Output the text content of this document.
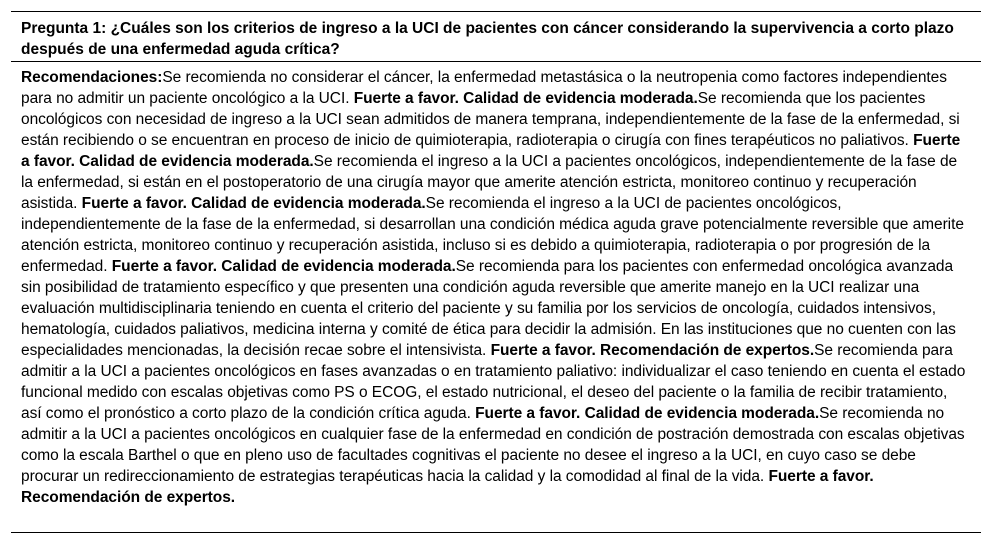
Pregunta 1: ¿Cuáles son los criterios de ingreso a la UCI de pacientes con cáncer considerando la supervivencia a corto plazo después de una enfermedad aguda crítica?

Recomendaciones:Se recomienda no considerar el cáncer, la enfermedad metastásica o la neutropenia como factores independientes para no admitir un paciente oncológico a la UCI. Fuerte a favor. Calidad de evidencia moderada.Se recomienda que los pacientes oncológicos con necesidad de ingreso a la UCI sean admitidos de manera temprana, independientemente de la fase de la enfermedad, si están recibiendo o se encuentran en proceso de inicio de quimioterapia, radioterapia o cirugía con fines terapéuticos no paliativos. Fuerte a favor. Calidad de evidencia moderada.Se recomienda el ingreso a la UCI a pacientes oncológicos, independientemente de la fase de la enfermedad, si están en el postoperatorio de una cirugía mayor que amerite atención estricta, monitoreo continuo y recuperación asistida. Fuerte a favor. Calidad de evidencia moderada.Se recomienda el ingreso a la UCI de pacientes oncológicos, independientemente de la fase de la enfermedad, si desarrollan una condición médica aguda grave potencialmente reversible que amerite atención estricta, monitoreo continuo y recuperación asistida, incluso si es debido a quimioterapia, radioterapia o por progresión de la enfermedad. Fuerte a favor. Calidad de evidencia moderada.Se recomienda para los pacientes con enfermedad oncológica avanzada sin posibilidad de tratamiento específico y que presenten una condición aguda reversible que amerite manejo en la UCI realizar una evaluación multidisciplinaria teniendo en cuenta el criterio del paciente y su familia por los servicios de oncología, cuidados intensivos, hematología, cuidados paliativos, medicina interna y comité de ética para decidir la admisión. En las instituciones que no cuenten con las especialidades mencionadas, la decisión recae sobre el intensivista. Fuerte a favor. Recomendación de expertos.Se recomienda para admitir a la UCI a pacientes oncológicos en fases avanzadas o en tratamiento paliativo: individualizar el caso teniendo en cuenta el estado funcional medido con escalas objetivas como PS o ECOG, el estado nutricional, el deseo del paciente o la familia de recibir tratamiento, así como el pronóstico a corto plazo de la condición crítica aguda. Fuerte a favor. Calidad de evidencia moderada.Se recomienda no admitir a la UCI a pacientes oncológicos en cualquier fase de la enfermedad en condición de postración demostrada con escalas objetivas como la escala Barthel o que en pleno uso de facultades cognitivas el paciente no desee el ingreso a la UCI, en cuyo caso se debe procurar un redireccionamiento de estrategias terapéuticas hacia la calidad y la comodidad al final de la vida. Fuerte a favor. Recomendación de expertos.
